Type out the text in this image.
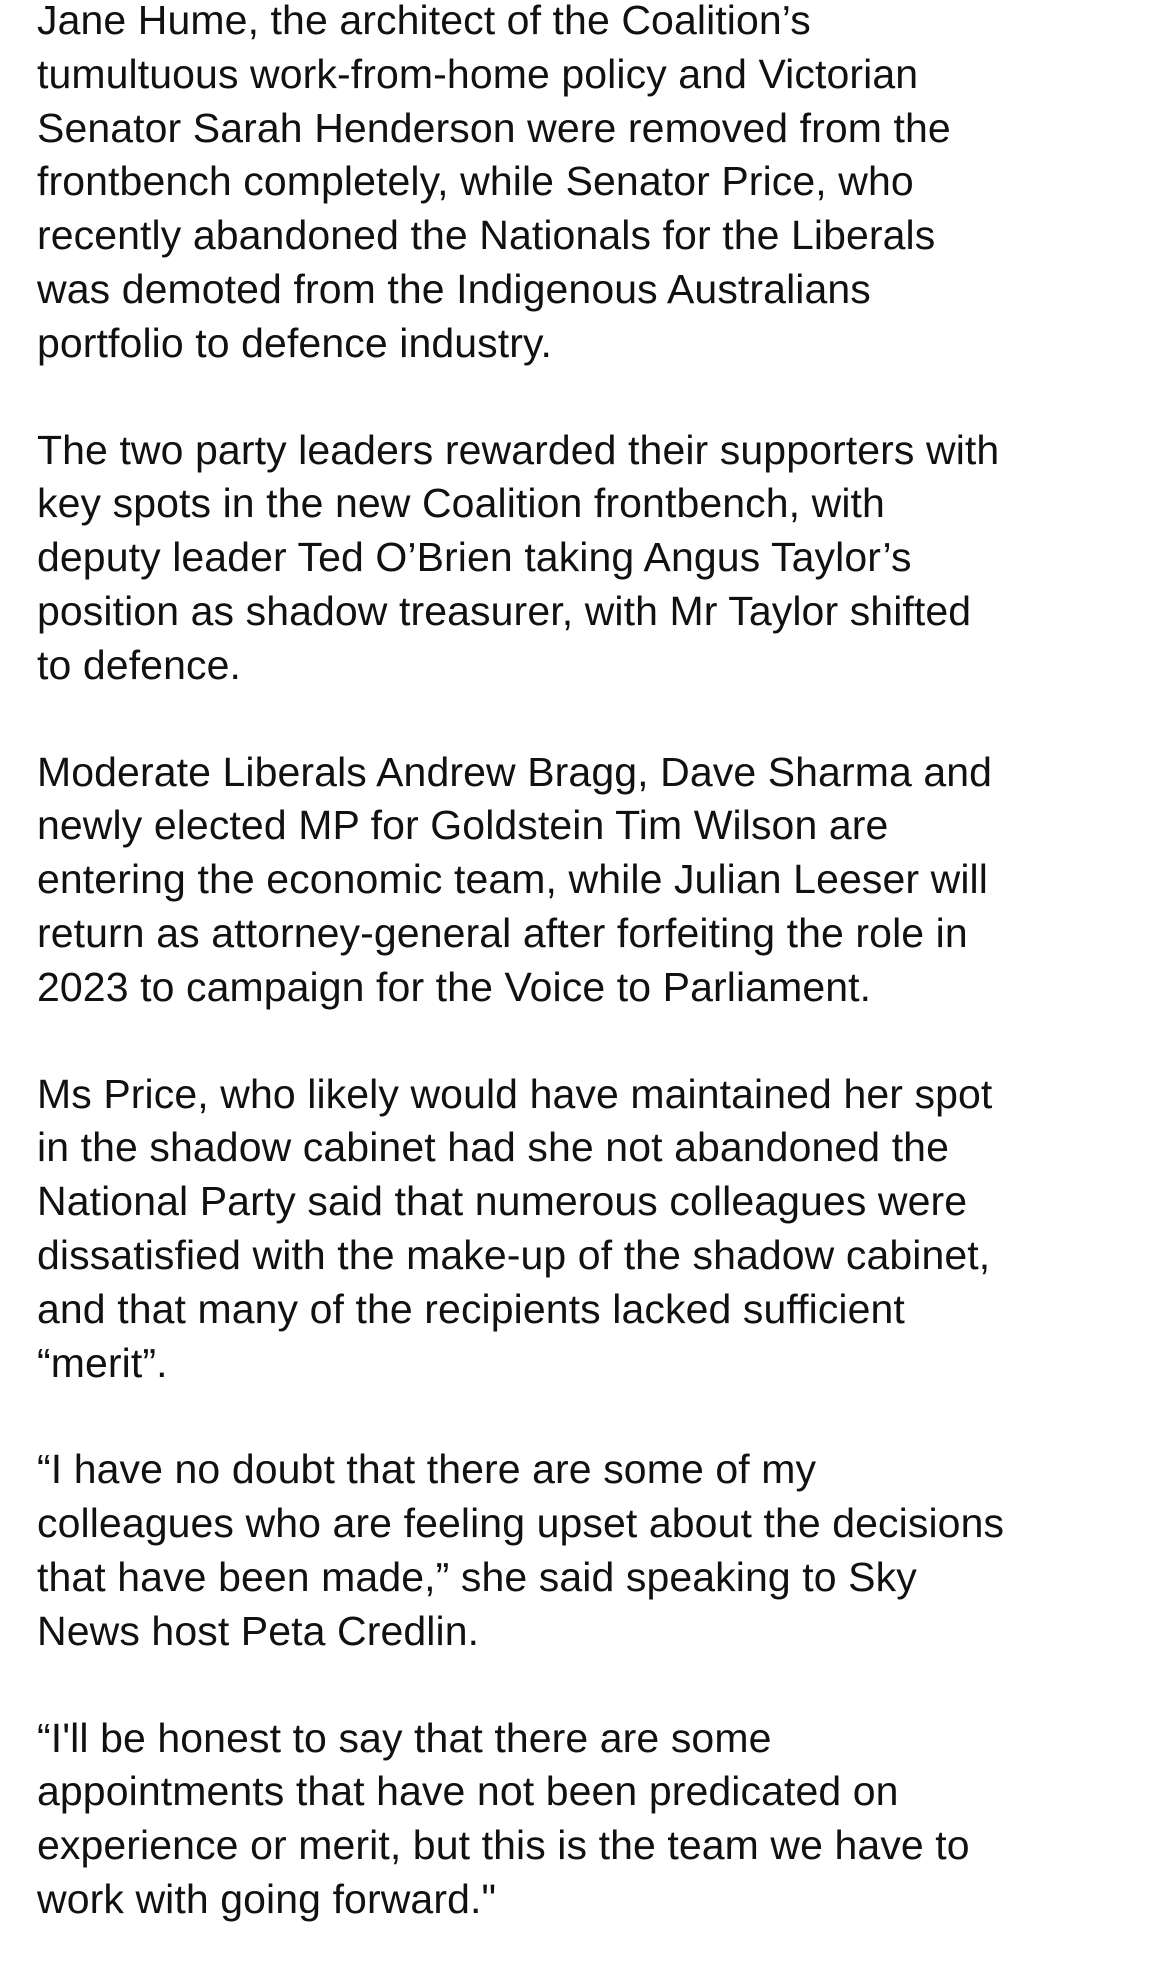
Jane Hume, the architect of the Coalition’s
tumultuous work-from-home policy and Victorian
Senator Sarah Henderson were removed from the
frontbench completely, while Senator Price, who
recently abandoned the Nationals for the Liberals
was demoted from the Indigenous Australians
portfolio to defence industry.

The two party leaders rewarded their supporters with
key spots in the new Coalition frontbench, with
deputy leader Ted O’Brien taking Angus Taylor’s
position as shadow treasurer, with Mr Taylor shifted
to defence.

Moderate Liberals Andrew Bragg, Dave Sharma and
newly elected MP for Goldstein Tim Wilson are
entering the economic team, while Julian Leeser will
return as attorney-general after forfeiting the role in
2023 to campaign for the Voice to Parliament.

Ms Price, who likely would have maintained her spot
in the shadow cabinet had she not abandoned the
National Party said that numerous colleagues were
dissatisfied with the make-up of the shadow cabinet,
and that many of the recipients lacked sufficient
“merit”.

“I have no doubt that there are some of my
colleagues who are feeling upset about the decisions
that have been made,” she said speaking to Sky
News host Peta Credlin.

“I'll be honest to say that there are some
appointments that have not been predicated on
experience or merit, but this is the team we have to
work with going forward."
